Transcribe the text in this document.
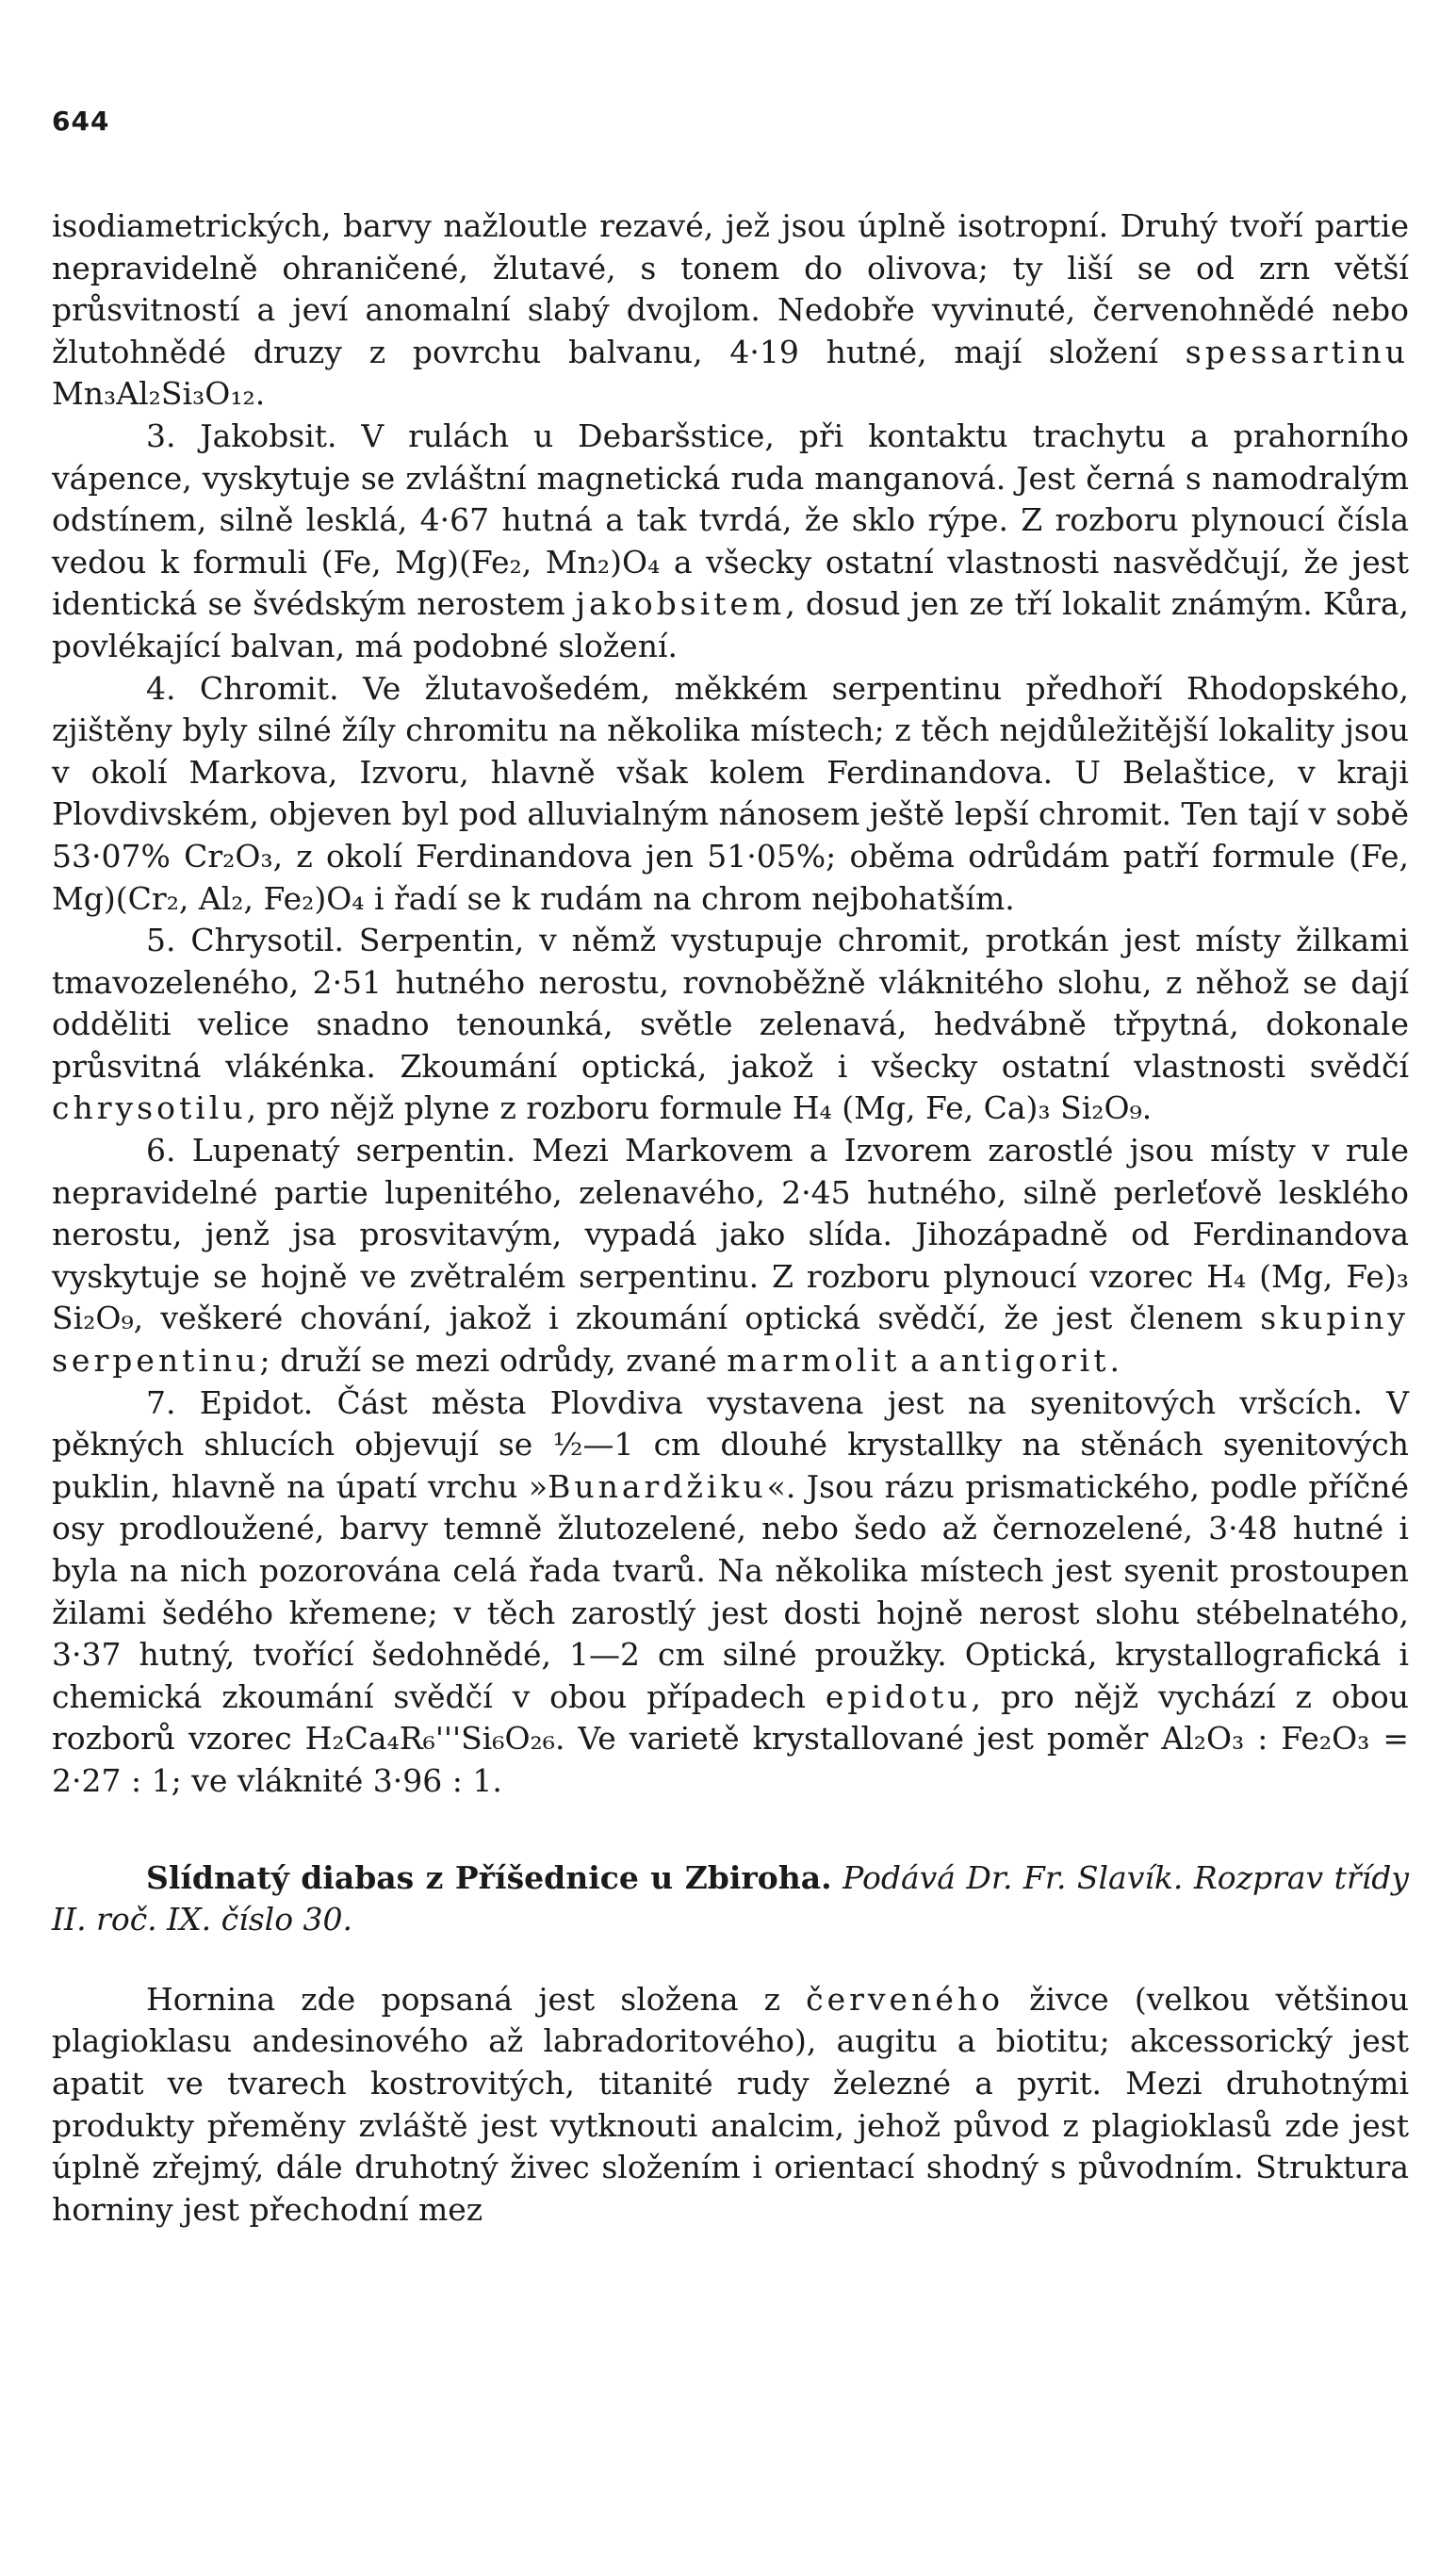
644

isodiametrických, barvy nažloutle rezavé, jež jsou úplně isotropní. Druhý tvoří partie nepravidelně ohraničené, žlutavé, s tonem do olivova; ty liší se od zrn větší průsvitností a jeví anomalní slabý dvojlom. Nedobře vyvinuté, červenohnědé nebo žlutohnědé druzy z povrchu balvanu, 4·19 hutné, mají složení spessartinu Mn₃Al₂Si₃O₁₂.

3. Jakobsit. V rulách u Debaršstice, při kontaktu trachytu a prahorního vápence, vyskytuje se zvláštní magnetická ruda manganová. Jest černá s namodralým odstínem, silně lesklá, 4·67 hutná a tak tvrdá, že sklo rýpe. Z rozboru plynoucí čísla vedou k formuli (Fe, Mg)(Fe₂, Mn₂)O₄ a všecky ostatní vlastnosti nasvědčují, že jest identická se švédským nerostem jakobsitem, dosud jen ze tří lokalit známým. Kůra, povlékající balvan, má podobné složení.

4. Chromit. Ve žlutavošedém, měkkém serpentinu předhoří Rhodopského, zjištěny byly silné žíly chromitu na několika místech; z těch nejdůležitější lokality jsou v okolí Markova, Izvoru, hlavně však kolem Ferdinandova. U Belaštice, v kraji Plovdivském, objeven byl pod alluvialným nánosem ještě lepší chromit. Ten tají v sobě 53·07% Cr₂O₃, z okolí Ferdinandova jen 51·05%; oběma odrůdám patří formule (Fe, Mg)(Cr₂, Al₂, Fe₂)O₄ i řadí se k rudám na chrom nejbohatším.

5. Chrysotil. Serpentin, v němž vystupuje chromit, protkán jest místy žilkami tmavozeleného, 2·51 hutného nerostu, rovnoběžně vláknitého slohu, z něhož se dají odděliti velice snadno tenounká, světle zelenavá, hedvábně třpytná, dokonale průsvitná vlákénka. Zkoumání optická, jakož i všecky ostatní vlastnosti svědčí chrysotilu, pro nějž plyne z rozboru formule H₄ (Mg, Fe, Ca)₃ Si₂O₉.

6. Lupenatý serpentin. Mezi Markovem a Izvorem zarostlé jsou místy v rule nepravidelné partie lupenitého, zelenavého, 2·45 hutného, silně perleťově lesklého nerostu, jenž jsa prosvitavým, vypadá jako slída. Jihozápadně od Ferdinandova vyskytuje se hojně ve zvětralém serpentinu. Z rozboru plynoucí vzorec H₄ (Mg, Fe)₃ Si₂O₉, veškeré chování, jakož i zkoumání optická svědčí, že jest členem skupiny serpentinu; druží se mezi odrůdy, zvané marmolit a antigorit.

7. Epidot. Část města Plovdiva vystavena jest na syenitových vršcích. V pěkných shlucích objevují se ½—1 cm dlouhé krystallky na stěnách syenitových puklin, hlavně na úpatí vrchu »Bunardžiku«. Jsou rázu prismatického, podle příčné osy prodloužené, barvy temně žlutozelené, nebo šedo až černozelené, 3·48 hutné i byla na nich pozorována celá řada tvarů. Na několika místech jest syenit prostoupen žilami šedého křemene; v těch zarostlý jest dosti hojně nerost slohu stébelnatého, 3·37 hutný, tvořící šedohnědé, 1—2 cm silné proužky. Optická, krystallografická i chemická zkoumání svědčí v obou případech epidotu, pro nějž vychází z obou rozborů vzorec H₂Ca₄R₆'''Si₆O₂₆. Ve varietě krystallované jest poměr Al₂O₃ : Fe₂O₃ = 2·27 : 1; ve vláknité 3·96 : 1.

Slídnatý diabas z Příšednice u Zbiroha. Podává Dr. Fr. Slavík. Rozprav třídy II. roč. IX. číslo 30.

Hornina zde popsaná jest složena z červeného živce (velkou většinou plagioklasu andesinového až labradoritového), augitu a biotitu; akcessorický jest apatit ve tvarech kostrovitých, titanité rudy železné a pyrit. Mezi druhotnými produkty přeměny zvláště jest vytknouti analcim, jehož původ z plagioklasů zde jest úplně zřejmý, dále druhotný živec složením i orientací shodný s původním. Struktura horniny jest přechodní mez
